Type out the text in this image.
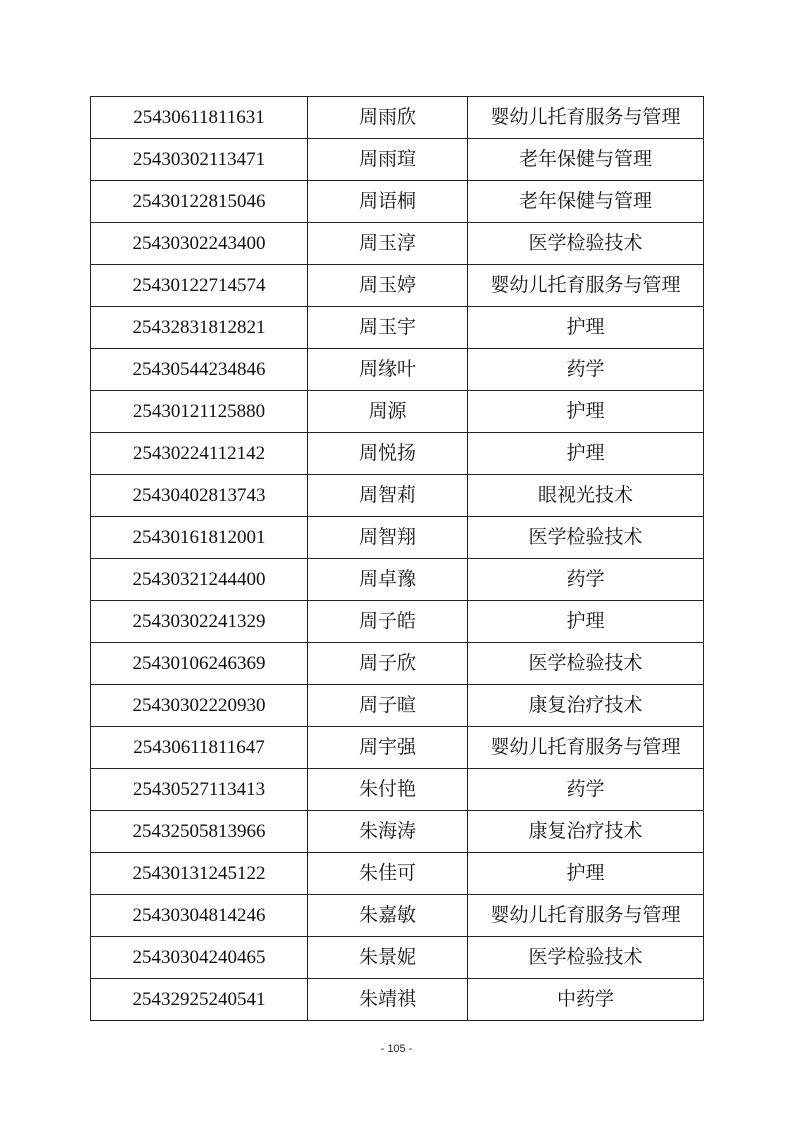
25430611811631	周雨欣	婴幼儿托育服务与管理
25430302113471	周雨瑄	老年保健与管理
25430122815046	周语桐	老年保健与管理
25430302243400	周玉淳	医学检验技术
25430122714574	周玉婷	婴幼儿托育服务与管理
25432831812821	周玉宇	护理
25430544234846	周缘叶	药学
25430121125880	周源	护理
25430224112142	周悦扬	护理
25430402813743	周智莉	眼视光技术
25430161812001	周智翔	医学检验技术
25430321244400	周卓豫	药学
25430302241329	周子皓	护理
25430106246369	周子欣	医学检验技术
25430302220930	周子暄	康复治疗技术
25430611811647	周宇强	婴幼儿托育服务与管理
25430527113413	朱付艳	药学
25432505813966	朱海涛	康复治疗技术
25430131245122	朱佳可	护理
25430304814246	朱嘉敏	婴幼儿托育服务与管理
25430304240465	朱景妮	医学检验技术
25432925240541	朱靖祺	中药学
- 105 -
